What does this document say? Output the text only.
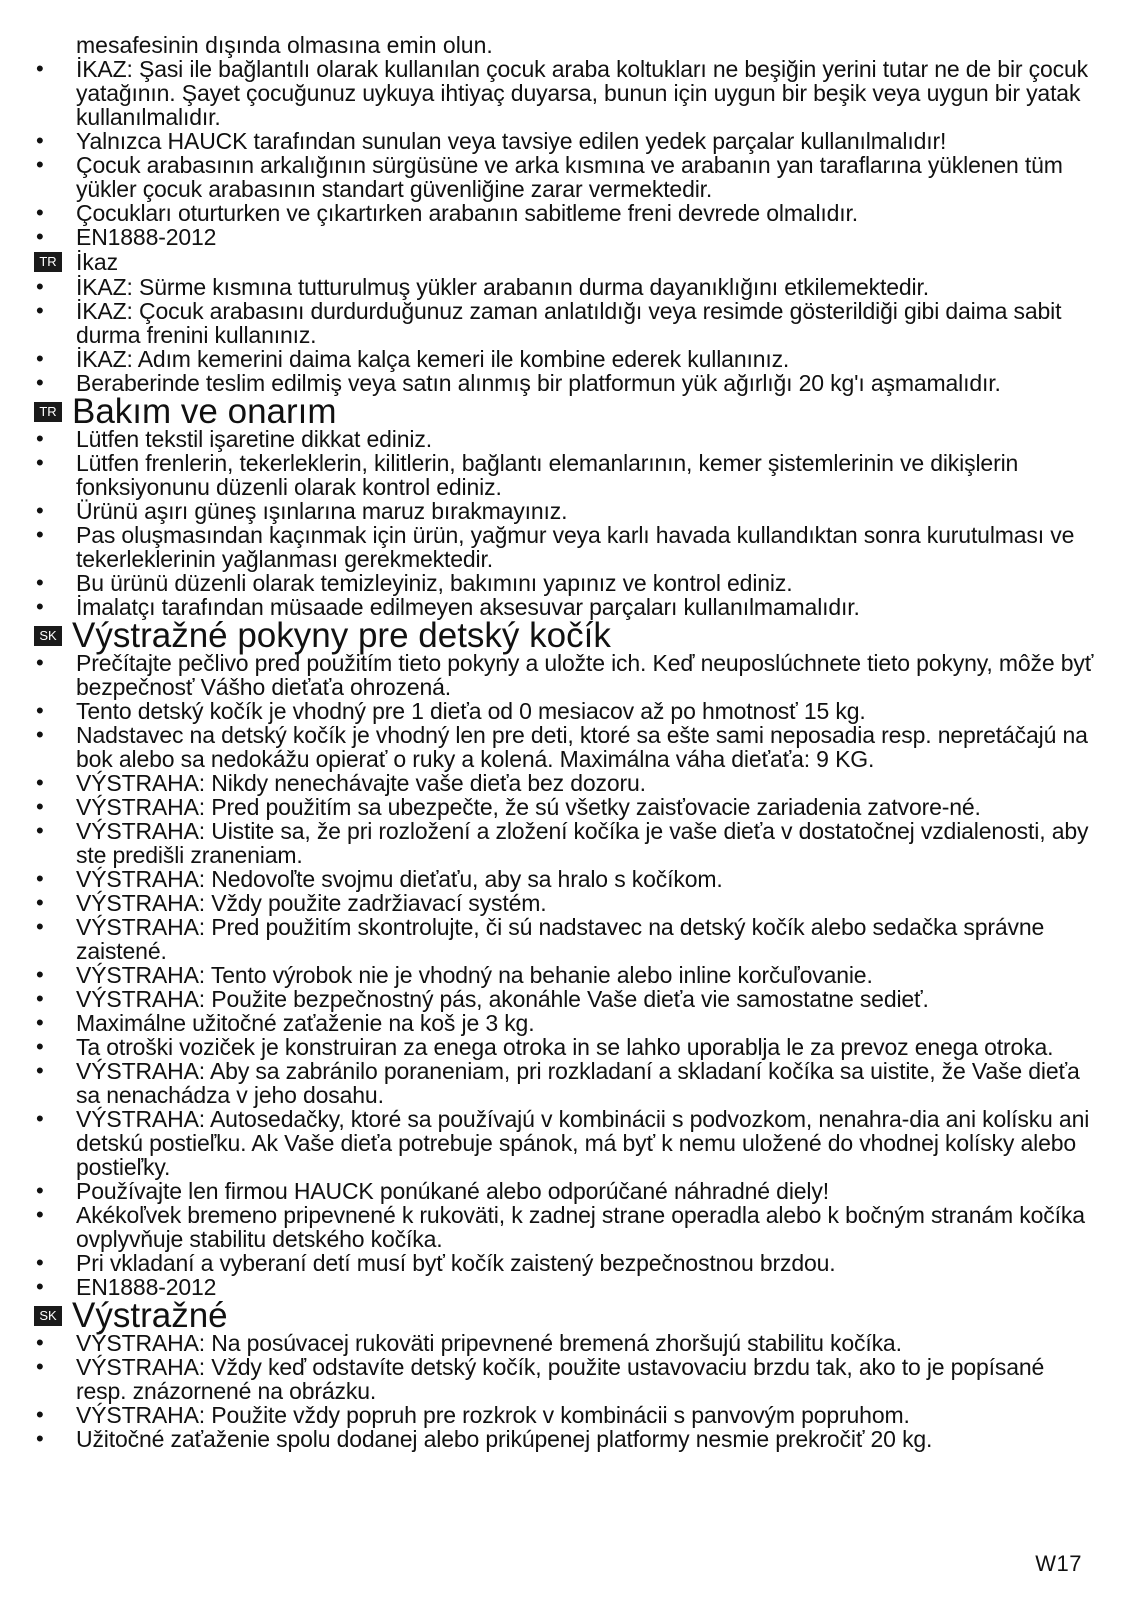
mesafesinin dışında olmasına emin olun.
• İKAZ: Şasi ile bağlantılı olarak kullanılan çocuk araba koltukları ne beşiğin yerini tutar ne de bir çocuk yatağının. Şayet çocuğunuz uykuya ihtiyaç duyarsa, bunun için uygun bir beşik veya uygun bir yatak kullanılmalıdır.
• Yalnızca HAUCK tarafından sunulan veya tavsiye edilen yedek parçalar kullanılmalıdır!
• Çocuk arabasının arkalığının sürgüsüne ve arka kısmına ve arabanın yan taraflarına yüklenen tüm yükler çocuk arabasının standart güvenliğine zarar vermektedir.
• Çocukları oturturken ve çıkartırken arabanın sabitleme freni devrede olmalıdır.
• EN1888-2012
TR İkaz
• İKAZ: Sürme kısmına tutturulmuş yükler arabanın durma dayanıklığını etkilemektedir.
• İKAZ: Çocuk arabasını durdurduğunuz zaman anlatıldığı veya resimde gösterildiği gibi daima sabit durma frenini kullanınız.
• İKAZ: Adım kemerini daima kalça kemeri ile kombine ederek kullanınız.
• Beraberinde teslim edilmiş veya satın alınmış bir platformun yük ağırlığı 20 kg'ı aşmamalıdır.
TR Bakım ve onarım
• Lütfen tekstil işaretine dikkat ediniz.
• Lütfen frenlerin, tekerleklerin, kilitlerin, bağlantı elemanlarının, kemer şistemlerinin ve dikişlerin fonksiyonunu düzenli olarak kontrol ediniz.
• Ürünü aşırı güneş ışınlarına maruz bırakmayınız.
• Pas oluşmasından kaçınmak için ürün, yağmur veya karlı havada kullandıktan sonra kurutulması ve tekerleklerinin yağlanması gerekmektedir.
• Bu ürünü düzenli olarak temizleyiniz, bakımını yapınız ve kontrol ediniz.
• İmalatçı tarafından müsaade edilmeyen aksesuvar parçaları kullanılmamalıdır.
SK Výstražné pokyny pre detský kočík
• Prečítajte pečlivo pred použitím tieto pokyny a uložte ich. Keď neuposlúchnete tieto pokyny, môže byť bezpečnosť Vášho dieťaťa ohrozená.
• Tento detský kočík je vhodný pre 1 dieťa od 0 mesiacov až po hmotnosť 15 kg.
• Nadstavec na detský kočík je vhodný len pre deti, ktoré sa ešte sami neposadia resp. nepretáčajú na bok alebo sa nedokážu opierať o ruky a kolená. Maximálna váha dieťaťa: 9 KG.
• VÝSTRAHA: Nikdy nenechávajte vaše dieťa bez dozoru.
• VÝSTRAHA: Pred použitím sa ubezpečte, že sú všetky zaisťovacie zariadenia zatvore-né.
• VÝSTRAHA: Uistite sa, že pri rozložení a zložení kočíka je vaše dieťa v dostatočnej vzdialenosti, aby ste predišli zraneniam.
• VÝSTRAHA: Nedovoľte svojmu dieťaťu, aby sa hralo s kočíkom.
• VÝSTRAHA: Vždy použite zadržiavací systém.
• VÝSTRAHA: Pred použitím skontrolujte, či sú nadstavec na detský kočík alebo sedačka správne zaistené.
• VÝSTRAHA: Tento výrobok nie je vhodný na behanie alebo inline korčuľovanie.
• VÝSTRAHA: Použite bezpečnostný pás, akonáhle Vaše dieťa vie samostatne sedieť.
• Maximálne užitočné zaťaženie na koš je 3 kg.
• Ta otroški voziček je konstruiran za enega otroka in se lahko uporablja le za prevoz enega otroka.
• VÝSTRAHA: Aby sa zabránilo poraneniam, pri rozkladaní a skladaní kočíka sa uistite, že Vaše dieťa sa nenachádza v jeho dosahu.
• VÝSTRAHA: Autosedačky, ktoré sa používajú v kombinácii s podvozkom, nenahra-dia ani kolísku ani detskú postieľku. Ak Vaše dieťa potrebuje spánok, má byť k nemu uložené do vhodnej kolísky alebo postieľky.
• Používajte len firmou HAUCK ponúkané alebo odporúčané náhradné diely!
• Akékoľvek bremeno pripevnené k rukoväti, k zadnej strane operadla alebo k bočným stranám kočíka ovplyvňuje stabilitu detského kočíka.
• Pri vkladaní a vyberaní detí musí byť kočík zaistený bezpečnostnou brzdou.
• EN1888-2012
SK Výstražné
• VÝSTRAHA: Na posúvacej rukoväti pripevnené bremená zhoršujú stabilitu kočíka.
• VÝSTRAHA: Vždy keď odstavíte detský kočík, použite ustavovaciu brzdu tak, ako to je popísané resp. znázornené na obrázku.
• VÝSTRAHA: Použite vždy popruh pre rozkrok v kombinácii s panvovým popruhom.
• Užitočné zaťaženie spolu dodanej alebo prikúpenej platformy nesmie prekročiť 20 kg.
W17
